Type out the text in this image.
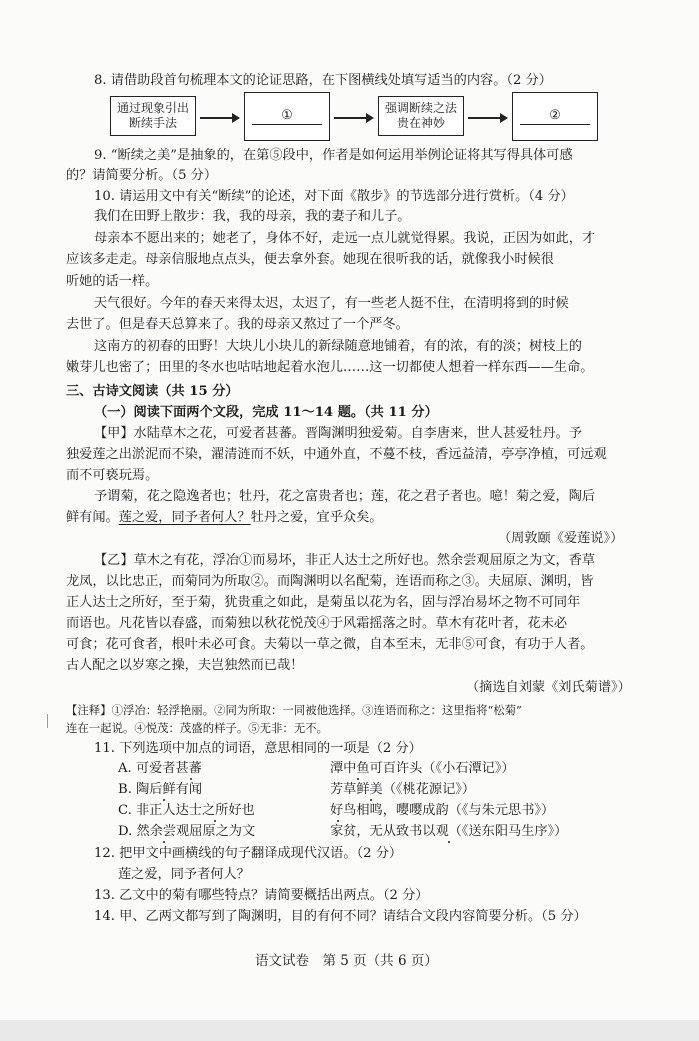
8. 请借助段首句梳理本文的论证思路，在下图横线处填写适当的内容。（2 分）
通过现象引出
断续手法	①	强调断续之法
贵在神妙	②
9. “断续之美”是抽象的，在第⑤段中，作者是如何运用举例论证将其写得具体可感
的？请简要分析。（5 分）
10. 请运用文中有关“断续”的论述，对下面《散步》的节选部分进行赏析。（4 分）
我们在田野上散步：我，我的母亲，我的妻子和儿子。
母亲本不愿出来的；她老了，身体不好，走远一点儿就觉得累。我说，正因为如此，才
应该多走走。母亲信服地点点头，便去拿外套。她现在很听我的话，就像我小时候很
听她的话一样。
天气很好。今年的春天来得太迟，太迟了，有一些老人挺不住，在清明将到的时候
去世了。但是春天总算来了。我的母亲又熬过了一个严冬。
这南方的初春的田野！大块儿小块儿的新绿随意地铺着，有的浓，有的淡；树枝上的
嫩芽儿也密了；田里的冬水也咕咕地起着水泡儿……这一切都使人想着一样东西——生命。
三、古诗文阅读（共 15 分）
（一）阅读下面两个文段，完成 11～14 题。（共 11 分）
【甲】水陆草木之花，可爱者甚蕃。晋陶渊明独爱菊。自李唐来，世人甚爱牡丹。予
独爱莲之出淤泥而不染，濯清涟而不妖，中通外直，不蔓不枝，香远益清，亭亭净植，可远观
而不可亵玩焉。
予谓菊，花之隐逸者也；牡丹，花之富贵者也；莲，花之君子者也。噫！菊之爱，陶后
鲜有闻。莲之爱，同予者何人？牡丹之爱，宜乎众矣。
（周敦颐《爱莲说》）
【乙】草木之有花，浮冶①而易坏，非正人达士之所好也。然余尝观屈原之为文，香草
龙凤，以比忠正，而菊同为所取②。而陶渊明以名配菊，连语而称之③。夫屈原、渊明，皆
正人达士之所好，至于菊，犹贵重之如此，是菊虽以花为名，固与浮冶易坏之物不可同年
而语也。凡花皆以春盛，而菊独以秋花悦茂④于风霜摇落之时。草木有花叶者，花未必
可食；花可食者，根叶未必可食。夫菊以一草之微，自本至末，无非⑤可食，有功于人者。
古人配之以岁寒之操，夫岂独然而已哉！
（摘选自刘蒙《刘氏菊谱》）
【注释】①浮冶：轻浮艳丽。②同为所取：一同被他选择。③连语而称之：这里指将“松菊”
连在一起说。④悦茂：茂盛的样子。⑤无非：无不。
11. 下列选项中加点的词语，意思相同的一项是（2 分）
A. 可爱者甚蕃	潭中鱼可百许头（《小石潭记》）
B. 陶后鲜有闻	芳草鲜美（《桃花源记》）
C. 非正人达士之所好也	好鸟相鸣，嘤嘤成韵（《与朱元思书》）
D. 然余尝观屈原之为文	家贫，无从致书以观（《送东阳马生序》）
12. 把甲文中画横线的句子翻译成现代汉语。（2 分）
莲之爱，同予者何人？
13. 乙文中的菊有哪些特点？请简要概括出两点。（2 分）
14. 甲、乙两文都写到了陶渊明，目的有何不同？请结合文段内容简要分析。（5 分）
语文试卷　第 5 页（共 6 页）
